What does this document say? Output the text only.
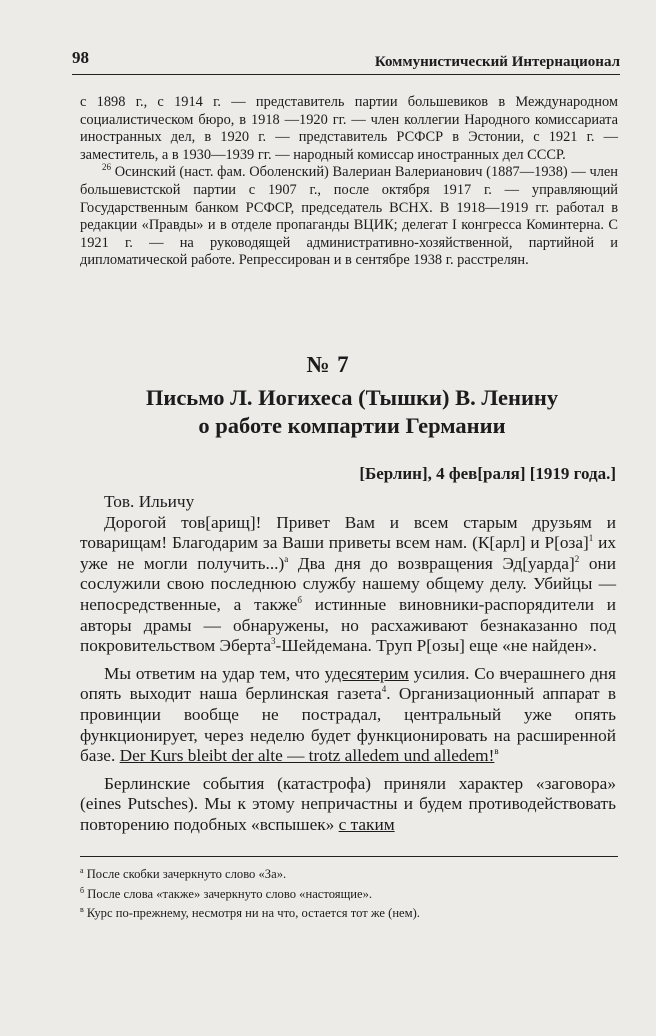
98	Коммунистический Интернационал

с 1898 г., с 1914 г. — представитель партии большевиков в Международном социалистическом бюро, в 1918 —1920 гг. — член коллегии Народного комиссариата иностранных дел, в 1920 г. — представитель РСФСР в Эстонии, с 1921 г. — заместитель, а в 1930—1939 гг. — народный комиссар иностранных дел СССР.

$^{26}$ Осинский (наст. фам. Оболенский) Валериан Валерианович (1887—1938) — член большевистской партии с 1907 г., после октября 1917 г. — управляющий Государственным банком РСФСР, председатель ВСНХ. В 1918—1919 гг. работал в редакции «Правды» и в отделе пропаганды ВЦИК; делегат I конгресса Коминтерна. С 1921 г. — на руководящей административно-хозяйственной, партийной и дипломатической работе. Репрессирован и в сентябре 1938 г. расстрелян.

№ 7
Письмо Л. Иогихеса (Тышки) В. Ленину
о работе компартии Германии
[Берлин], 4 фев[раля] [1919 года.]

Тов. Ильичу

Дорогой тов[арищ]! Привет Вам и всем старым друзьям и товарищам! Благодарим за Ваши приветы всем нам. (К[арл] и Р[оза]$^1$ их уже не могли получить...)$^а$ Два дня до возвращения Эд[уарда]$^2$ они сослужили свою последнюю службу нашему общему делу. Убийцы — непосредственные, а также$^б$ истинные виновники-распорядители и авторы драмы — обнаружены, но расхаживают безнаказанно под покровительством Эберта$^3$-Шейдемана. Труп Р[озы] еще «не найден».

Мы ответим на удар тем, что удесятерим усилия. Со вчерашнего дня опять выходит наша берлинская газета$^4$. Организационный аппарат в провинции вообще не пострадал, центральный уже опять функционирует, через неделю будет функционировать на расширенной базе. Der Kurs bleibt der alte — trotz alledem und alledem!$^в$

Берлинские события (катастрофа) приняли характер «заговора» (eines Putsches). Мы к этому непричастны и будем противодействовать повторению подобных «вспышек» с таким

$^а$ После скобки зачеркнуто слово «За».
$^б$ После слова «также» зачеркнуто слово «настоящие».
$^в$ Курс по-прежнему, несмотря ни на что, остается тот же (нем).
